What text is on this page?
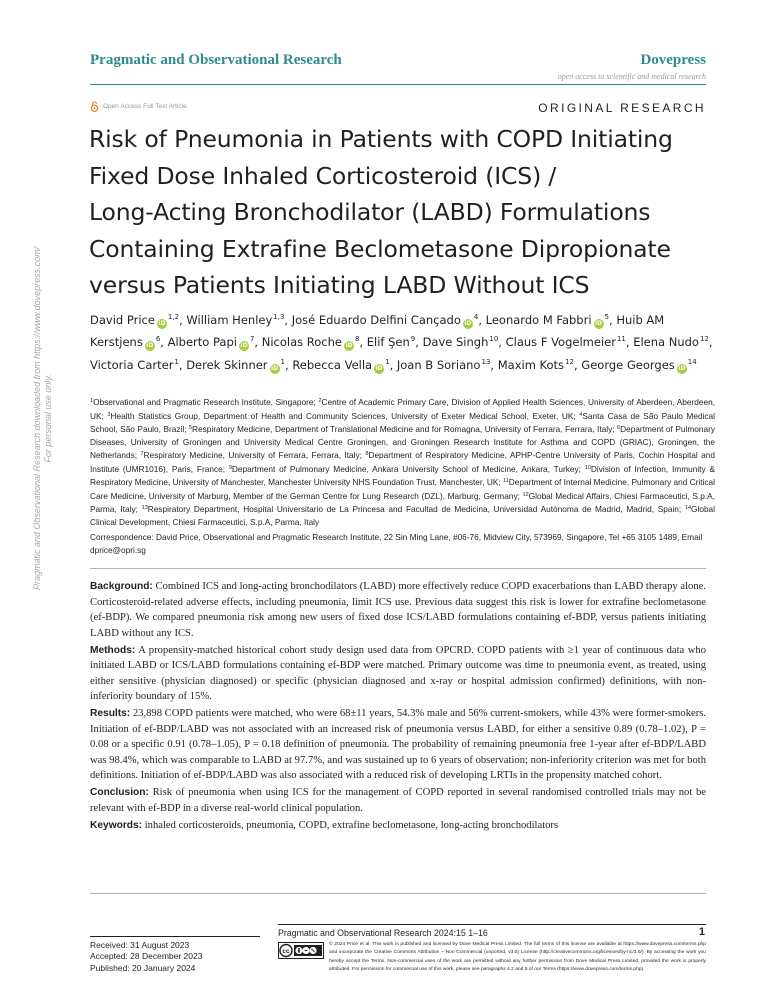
Pragmatic and Observational Research	Dovepress
open access to scientific and medical research
Open Access Full Text Article	ORIGINAL RESEARCH
Pragmatic and Observational Research downloaded from https://www.dovepress.com/ For personal use only.
Risk of Pneumonia in Patients with COPD Initiating
Fixed Dose Inhaled Corticosteroid (ICS) /
Long-Acting Bronchodilator (LABD) Formulations
Containing Extrafine Beclometasone Dipropionate
versus Patients Initiating LABD Without ICS
David Price iD$^{1,2}$, William Henley$^{1,3}$, José Eduardo Delfini Cançado $iD^4$, Leonardo M Fabbri $iD^5$, Huib AM Kerstjens $iD^6$, Alberto Papi $iD^7$, Nicolas Roche $iD^8$, Elif Şen$^9$, Dave Singh$^{10}$, Claus F Vogelmeier$^{11}$, Elena Nudo$^{12}$, Victoria Carter$^1$, Derek Skinner $iD^1$, Rebecca Vella $iD^1$, Joan B Soriano$^{13}$, Maxim Kots$^{12}$, George Georges $iD^{14}$
$^1$Observational and Pragmatic Research Institute, Singapore; $^2$Centre of Academic Primary Care, Division of Applied Health Sciences, University of Aberdeen, Aberdeen, UK; $^3$Health Statistics Group, Department of Health and Community Sciences, University of Exeter Medical School, Exeter, UK; $^4$Santa Casa de São Paulo Medical School, São Paulo, Brazil; $^5$Respiratory Medicine, Department of Translational Medicine and for Romagna, University of Ferrara, Ferrara, Italy; $^6$Department of Pulmonary Diseases, University of Groningen and University Medical Centre Groningen, and Groningen Research Institute for Asthma and COPD (GRIAC), Groningen, the Netherlands; $^7$Respiratory Medicine, University of Ferrara, Ferrara, Italy; $^8$Department of Respiratory Medicine, APHP-Centre University of Paris, Cochin Hospital and Institute (UMR1016), Paris, France; $^9$Department of Pulmonary Medicine, Ankara University School of Medicine, Ankara, Turkey; $^{10}$Division of Infection, Immunity & Respiratory Medicine, University of Manchester, Manchester University NHS Foundation Trust, Manchester, UK; $^{11}$Department of Internal Medicine, Pulmonary and Critical Care Medicine, University of Marburg, Member of the German Centre for Lung Research (DZL), Marburg, Germany; $^{12}$Global Medical Affairs, Chiesi Farmaceutici, S.p.A, Parma, Italy; $^{13}$Respiratory Department, Hospital Universitario de La Princesa and Facultad de Medicina, Universidad Autònoma de Madrid, Madrid, Spain; $^{14}$Global Clinical Development, Chiesi Farmaceutici, S.p.A, Parma, Italy
Correspondence: David Price, Observational and Pragmatic Research Institute, 22 Sin Ming Lane, #06-76, Midview City, 573969, Singapore, Tel +65 3105 1489, Email dprice@opri.sg

Background: Combined ICS and long-acting bronchodilators (LABD) more effectively reduce COPD exacerbations than LABD therapy alone. Corticosteroid-related adverse effects, including pneumonia, limit ICS use. Previous data suggest this risk is lower for extrafine beclometasone (ef-BDP). We compared pneumonia risk among new users of fixed dose ICS/LABD formulations containing ef-BDP, versus patients initiating LABD without any ICS.

Methods: A propensity-matched historical cohort study design used data from OPCRD. COPD patients with ≥1 year of continuous data who initiated LABD or ICS/LABD formulations containing ef-BDP were matched. Primary outcome was time to pneumonia event, as treated, using either sensitive (physician diagnosed) or specific (physician diagnosed and x-ray or hospital admission confirmed) definitions, with non-inferiority boundary of 15%.

Results: 23,898 COPD patients were matched, who were 68±11 years, 54.3% male and 56% current-smokers, while 43% were former-smokers. Initiation of ef-BDP/LABD was not associated with an increased risk of pneumonia versus LABD, for either a sensitive 0.89 (0.78–1.02), P = 0.08 or a specific 0.91 (0.78–1.05), P = 0.18 definition of pneumonia. The probability of remaining pneumonia free 1-year after ef-BDP/LABD was 98.4%, which was comparable to LABD at 97.7%, and was sustained up to 6 years of observation; non-inferiority criterion was met for both definitions. Initiation of ef-BDP/LABD was also associated with a reduced risk of developing LRTIs in the propensity matched cohort.

Conclusion: Risk of pneumonia when using ICS for the management of COPD reported in several randomised controlled trials may not be relevant with ef-BDP in a diverse real-world clinical population.

Keywords: inhaled corticosteroids, pneumonia, COPD, extrafine beclometasone, long-acting bronchodilators

Pragmatic and Observational Research 2024:15 1–16	1
Received: 31 August 2023
Accepted: 28 December 2023
Published: 20 January 2024
cc
© 2024 Price et al. This work is published and licensed by Dove Medical Press Limited. The full terms of this license are available at https://www.dovepress.com/terms.php and incorporate the Creative Commons Attribution – Non Commercial (unported, v3.0) License (http://creativecommons.org/licenses/by-nc/3.0/). By accessing the work you hereby accept the Terms. Non-commercial uses of the work are permitted without any further permission from Dove Medical Press Limited, provided the work is properly attributed. For permission for commercial use of this work, please see paragraphs 4.2 and 5 of our Terms (https://www.dovepress.com/terms.php).
